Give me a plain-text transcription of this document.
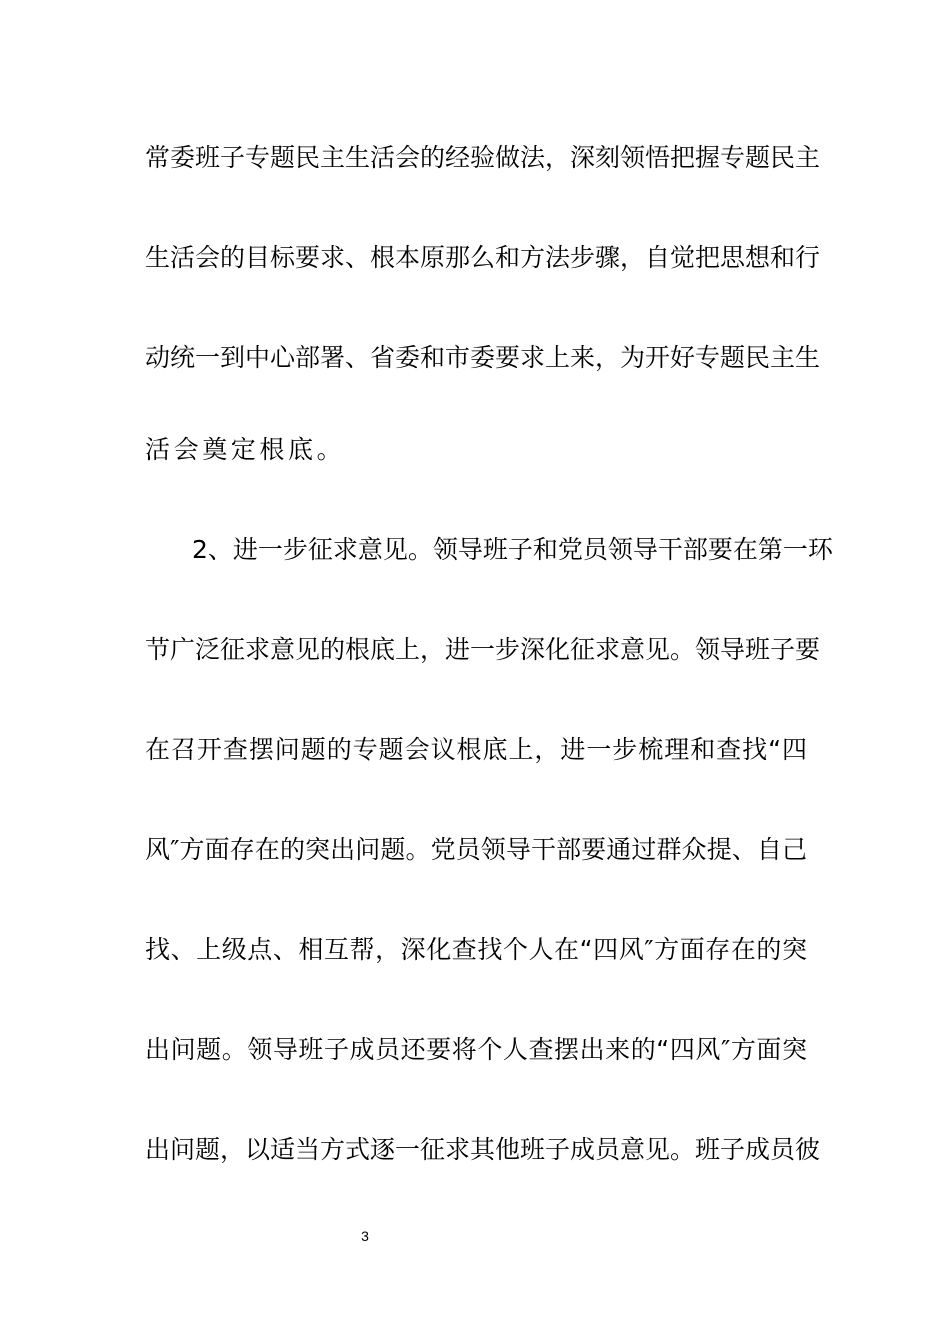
常委班子专题民主生活会的经验做法，深刻领悟把握专题民主
生活会的目标要求、根本原那么和方法步骤，自觉把思想和行
动统一到中心部署、省委和市委要求上来，为开好专题民主生
活会奠定根底。
2、进一步征求意见。领导班子和党员领导干部要在第一环
节广泛征求意见的根底上，进一步深化征求意见。领导班子要
在召开查摆问题的专题会议根底上，进一步梳理和查找“四
风″方面存在的突出问题。党员领导干部要通过群众提、自己
找、上级点、相互帮，深化查找个人在“四风″方面存在的突
出问题。领导班子成员还要将个人查摆出来的“四风″方面突
出问题，以适当方式逐一征求其他班子成员意见。班子成员彼
3
